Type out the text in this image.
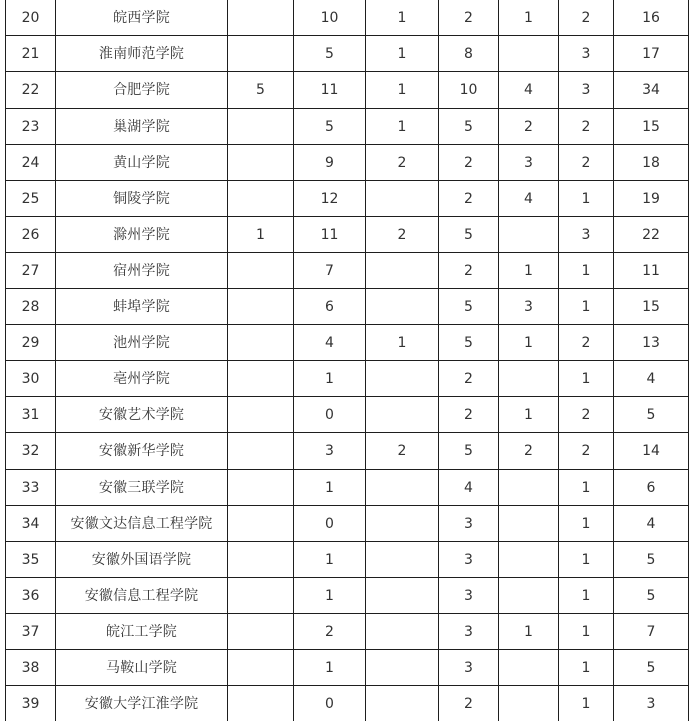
20	皖西学院		10	1	2	1	2	16
21	淮南师范学院		5	1	8		3	17
22	合肥学院	5	11	1	10	4	3	34
23	巢湖学院		5	1	5	2	2	15
24	黄山学院		9	2	2	3	2	18
25	铜陵学院		12		2	4	1	19
26	滁州学院	1	11	2	5		3	22
27	宿州学院		7		2	1	1	11
28	蚌埠学院		6		5	3	1	15
29	池州学院		4	1	5	1	2	13
30	亳州学院		1		2		1	4
31	安徽艺术学院		0		2	1	2	5
32	安徽新华学院		3	2	5	2	2	14
33	安徽三联学院		1		4		1	6
34	安徽文达信息工程学院		0		3		1	4
35	安徽外国语学院		1		3		1	5
36	安徽信息工程学院		1		3		1	5
37	皖江工学院		2		3	1	1	7
38	马鞍山学院		1		3		1	5
39	安徽大学江淮学院		0		2		1	3
